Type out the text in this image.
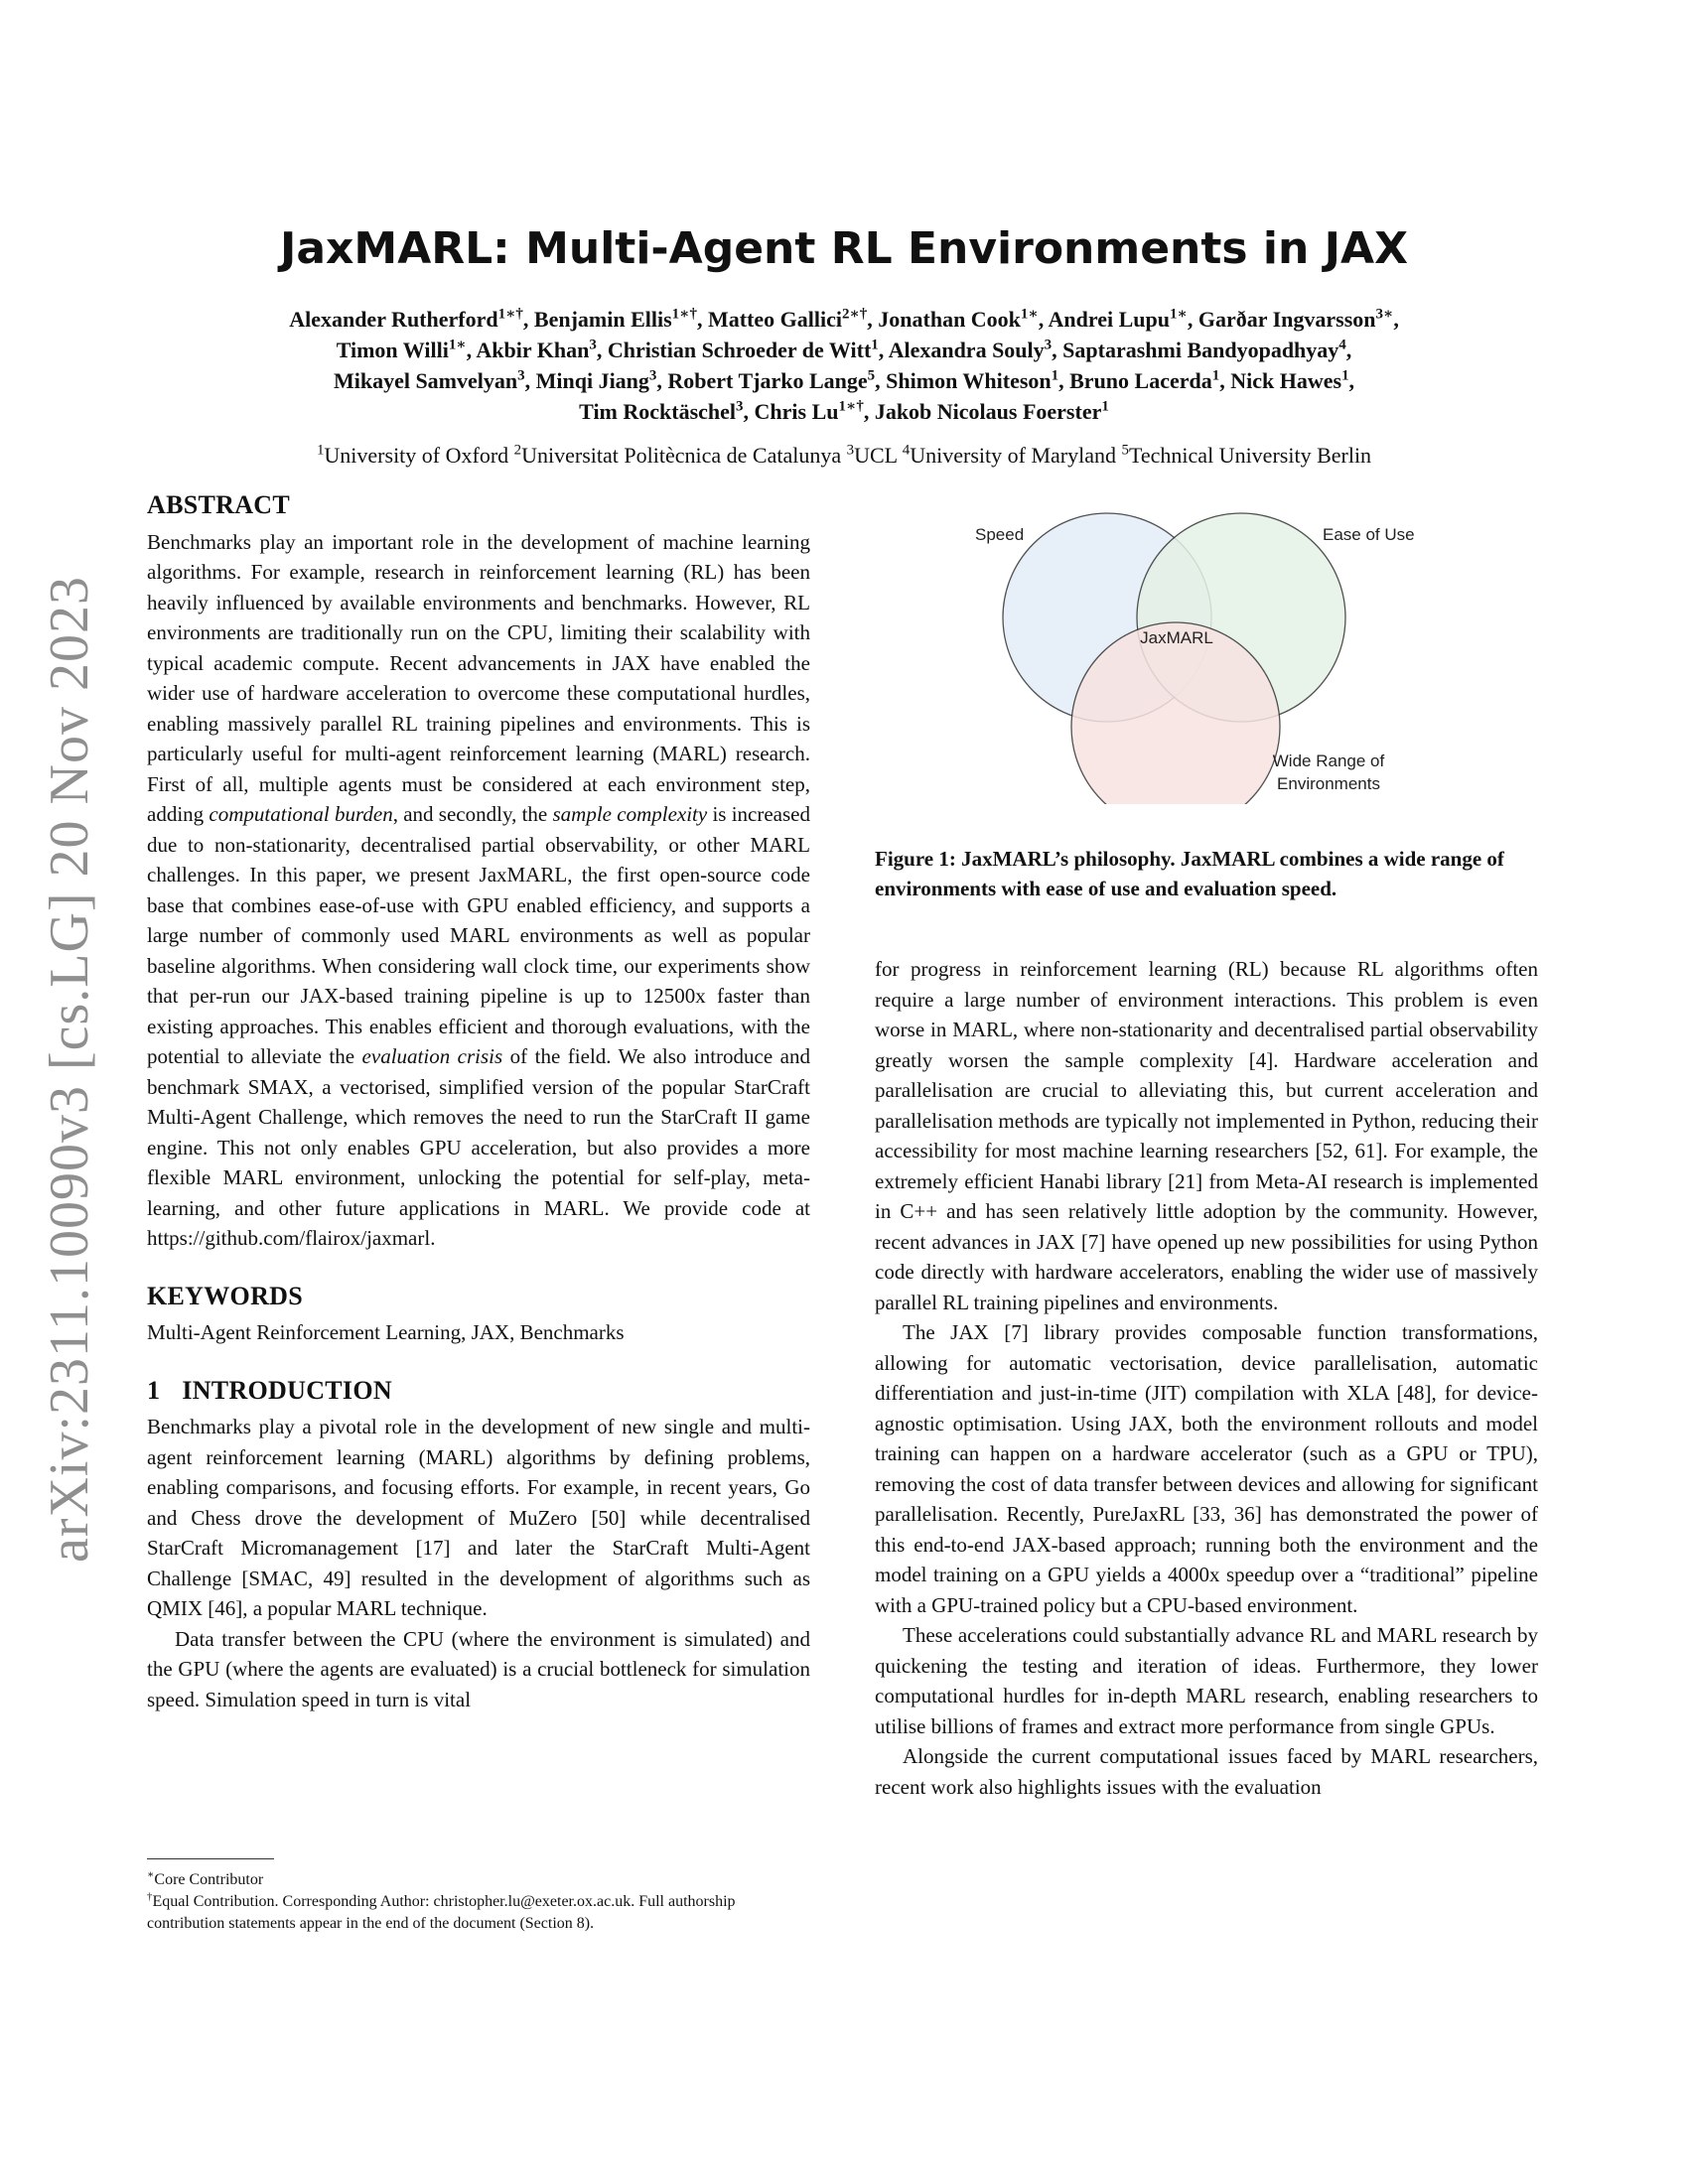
arXiv:2311.10090v3 [cs.LG] 20 Nov 2023
JaxMARL: Multi-Agent RL Environments in JAX
Alexander Rutherford$^{1∗\dagger}$, Benjamin Ellis$^{1∗\dagger}$, Matteo Gallici$^{2∗\dagger}$, Jonathan Cook$^{1∗}$, Andrei Lupu$^{1∗}$, Garðar Ingvarsson$^{3∗}$,
Timon Willi$^{1∗}$, Akbir Khan$^3$, Christian Schroeder de Witt$^1$, Alexandra Souly$^3$, Saptarashmi Bandyopadhyay$^4$,
Mikayel Samvelyan$^3$, Minqi Jiang$^3$, Robert Tjarko Lange$^5$, Shimon Whiteson$^1$, Bruno Lacerda$^1$, Nick Hawes$^1$,
Tim Rocktäschel$^3$, Chris $Lu^{1∗\dagger}$, Jakob Nicolaus Foerster$^1$
$^1$University of Oxford $^2$Universitat Politècnica de Catalunya $^3$UCL $^4$University of Maryland $^5$Technical University Berlin
ABSTRACT

Benchmarks play an important role in the development of machine learning algorithms. For example, research in reinforcement learning (RL) has been heavily influenced by available environments and benchmarks. However, RL environments are traditionally run on the CPU, limiting their scalability with typical academic compute. Recent advancements in JAX have enabled the wider use of hardware acceleration to overcome these computational hurdles, enabling massively parallel RL training pipelines and environments. This is particularly useful for multi-agent reinforcement learning (MARL) research. First of all, multiple agents must be considered at each environment step, adding computational burden, and secondly, the sample complexity is increased due to non-stationarity, decentralised partial observability, or other MARL challenges. In this paper, we present JaxMARL, the first open-source code base that combines ease-of-use with GPU enabled efficiency, and supports a large number of commonly used MARL environments as well as popular baseline algorithms. When considering wall clock time, our experiments show that per-run our JAX-based training pipeline is up to 12500x faster than existing approaches. This enables efficient and thorough evaluations, with the potential to alleviate the evaluation crisis of the field. We also introduce and benchmark SMAX, a vectorised, simplified version of the popular StarCraft Multi-Agent Challenge, which removes the need to run the StarCraft II game engine. This not only enables GPU acceleration, but also provides a more flexible MARL environment, unlocking the potential for self-play, meta-learning, and other future applications in MARL. We provide code at https://github.com/flairox/jaxmarl.

KEYWORDS

Multi-Agent Reinforcement Learning, JAX, Benchmarks

1 INTRODUCTION

Benchmarks play a pivotal role in the development of new single and multi-agent reinforcement learning (MARL) algorithms by defining problems, enabling comparisons, and focusing efforts. For example, in recent years, Go and Chess drove the development of MuZero [50] while decentralised StarCraft Micromanagement [17] and later the StarCraft Multi-Agent Challenge [SMAC, 49] resulted in the development of algorithms such as QMIX [46], a popular MARL technique.

Data transfer between the CPU (where the environment is simulated) and the GPU (where the agents are evaluated) is a crucial bottleneck for simulation speed. Simulation speed in turn is vital

∗Core Contributor

†Equal Contribution. Corresponding Author: christopher.lu@exeter.ox.ac.uk. Full authorship contribution statements appear in the end of the document (Section 8).

Speed	Ease of Use
JaxMARL
Wide Range of
Environments
Figure 1: JaxMARL’s philosophy. JaxMARL combines a wide range of environments with ease of use and evaluation speed.

for progress in reinforcement learning (RL) because RL algorithms often require a large number of environment interactions. This problem is even worse in MARL, where non-stationarity and decentralised partial observability greatly worsen the sample complexity [4]. Hardware acceleration and parallelisation are crucial to alleviating this, but current acceleration and parallelisation methods are typically not implemented in Python, reducing their accessibility for most machine learning researchers [52, 61]. For example, the extremely efficient Hanabi library [21] from Meta-AI research is implemented in C++ and has seen relatively little adoption by the community. However, recent advances in JAX [7] have opened up new possibilities for using Python code directly with hardware accelerators, enabling the wider use of massively parallel RL training pipelines and environments.

The JAX [7] library provides composable function transformations, allowing for automatic vectorisation, device parallelisation, automatic differentiation and just-in-time (JIT) compilation with XLA [48], for device-agnostic optimisation. Using JAX, both the environment rollouts and model training can happen on a hardware accelerator (such as a GPU or TPU), removing the cost of data transfer between devices and allowing for significant parallelisation. Recently, PureJaxRL [33, 36] has demonstrated the power of this end-to-end JAX-based approach; running both the environment and the model training on a GPU yields a 4000x speedup over a “traditional” pipeline with a GPU-trained policy but a CPU-based environment.

These accelerations could substantially advance RL and MARL research by quickening the testing and iteration of ideas. Furthermore, they lower computational hurdles for in-depth MARL research, enabling researchers to utilise billions of frames and extract more performance from single GPUs.

Alongside the current computational issues faced by MARL researchers, recent work also highlights issues with the evaluation
